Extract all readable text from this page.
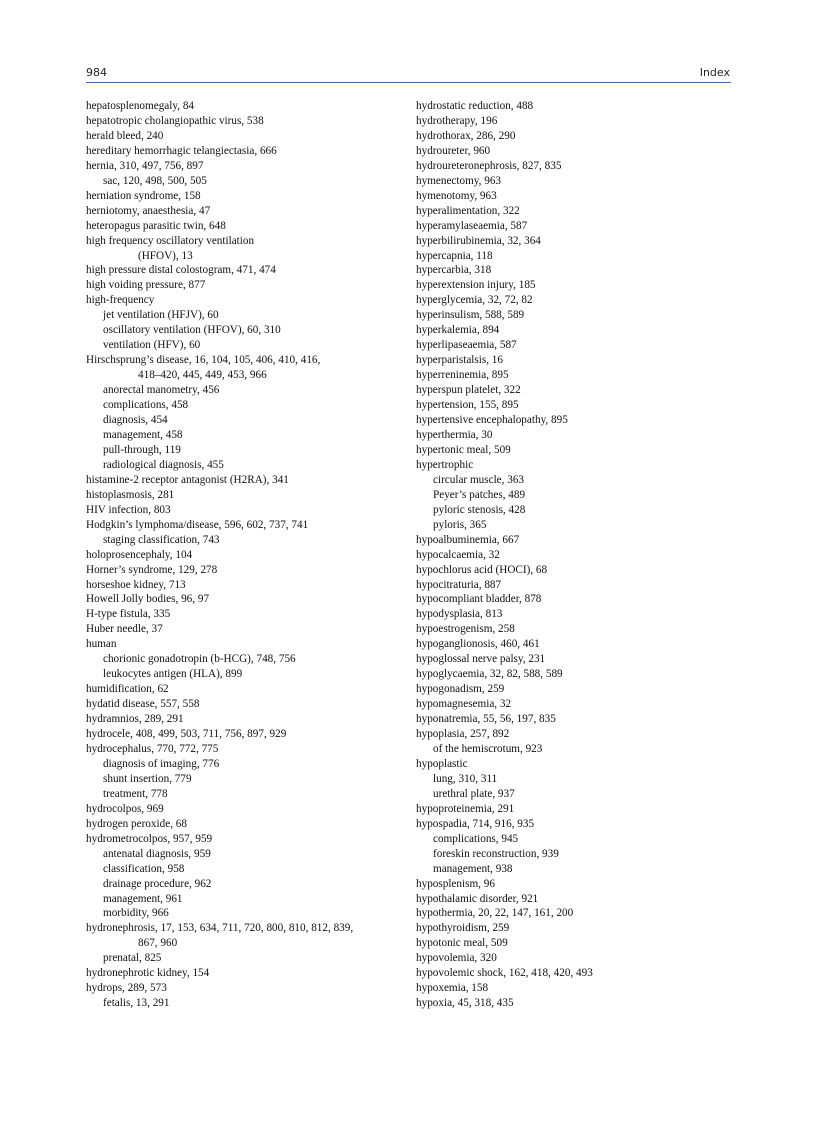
984	Index
hepatosplenomegaly, 84
hepatotropic cholangiopathic virus, 538
herald bleed, 240
hereditary hemorrhagic telangiectasia, 666
hernia, 310, 497, 756, 897
sac, 120, 498, 500, 505
herniation syndrome, 158
herniotomy, anaesthesia, 47
heteropagus parasitic twin, 648
high frequency oscillatory ventilation
(HFOV), 13
high pressure distal colostogram, 471, 474
high voiding pressure, 877
high-frequency
jet ventilation (HFJV), 60
oscillatory ventilation (HFOV), 60, 310
ventilation (HFV), 60
Hirschsprung’s disease, 16, 104, 105, 406, 410, 416,
418–420, 445, 449, 453, 966
anorectal manometry, 456
complications, 458
diagnosis, 454
management, 458
pull-through, 119
radiological diagnosis, 455
histamine-2 receptor antagonist (H2RA), 341
histoplasmosis, 281
HIV infection, 803
Hodgkin’s lymphoma/disease, 596, 602, 737, 741
staging classification, 743
holoprosencephaly, 104
Horner’s syndrome, 129, 278
horseshoe kidney, 713
Howell Jolly bodies, 96, 97
H-type fistula, 335
Huber needle, 37
human
chorionic gonadotropin (b-HCG), 748, 756
leukocytes antigen (HLA), 899
humidification, 62
hydatid disease, 557, 558
hydramnios, 289, 291
hydrocele, 408, 499, 503, 711, 756, 897, 929
hydrocephalus, 770, 772, 775
diagnosis of imaging, 776
shunt insertion, 779
treatment, 778
hydrocolpos, 969
hydrogen peroxide, 68
hydrometrocolpos, 957, 959
antenatal diagnosis, 959
classification, 958
drainage procedure, 962
management, 961
morbidity, 966
hydronephrosis, 17, 153, 634, 711, 720, 800, 810, 812, 839,
867, 960
prenatal, 825
hydronephrotic kidney, 154
hydrops, 289, 573
fetalis, 13, 291
hydrostatic reduction, 488
hydrotherapy, 196
hydrothorax, 286, 290
hydroureter, 960
hydroureteronephrosis, 827, 835
hymenectomy, 963
hymenotomy, 963
hyperalimentation, 322
hyperamylaseaemia, 587
hyperbilirubinemia, 32, 364
hypercapnia, 118
hypercarbia, 318
hyperextension injury, 185
hyperglycemia, 32, 72, 82
hyperinsulism, 588, 589
hyperkalemia, 894
hyperlipaseaemia, 587
hyperparistalsis, 16
hyperreninemia, 895
hyperspun platelet, 322
hypertension, 155, 895
hypertensive encephalopathy, 895
hyperthermia, 30
hypertonic meal, 509
hypertrophic
circular muscle, 363
Peyer’s patches, 489
pyloric stenosis, 428
pyloris, 365
hypoalbuminemia, 667
hypocalcaemia, 32
hypochlorus acid (HOCI), 68
hypocitraturia, 887
hypocompliant bladder, 878
hypodysplasia, 813
hypoestrogenism, 258
hypoganglionosis, 460, 461
hypoglossal nerve palsy, 231
hypoglycaemia, 32, 82, 588, 589
hypogonadism, 259
hypomagnesemia, 32
hyponatremia, 55, 56, 197, 835
hypoplasia, 257, 892
of the hemiscrotum, 923
hypoplastic
lung, 310, 311
urethral plate, 937
hypoproteinemia, 291
hypospadia, 714, 916, 935
complications, 945
foreskin reconstruction, 939
management, 938
hyposplenism, 96
hypothalamic disorder, 921
hypothermia, 20, 22, 147, 161, 200
hypothyroidism, 259
hypotonic meal, 509
hypovolemia, 320
hypovolemic shock, 162, 418, 420, 493
hypoxemia, 158
hypoxia, 45, 318, 435
